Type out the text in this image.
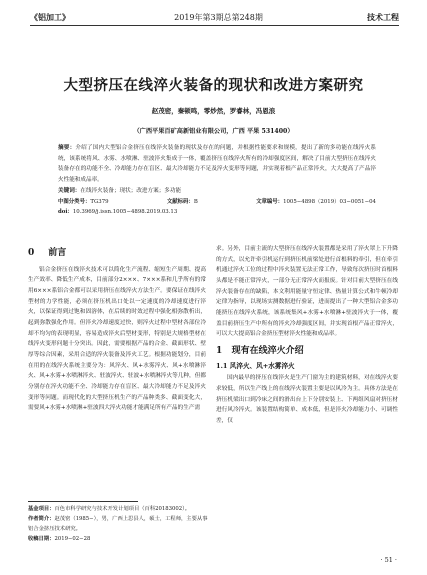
《铝加工》	2019年第3期总第248期	技术工程
大型挤压在线淬火装备的现状和改进方案研究
赵茂密，秦顿鸣，零炒然，罗睿林，冯恩浪
（广西平果百矿高新铝业有限公司，广西 平果 531400）
摘要：介绍了国内大型铝合金挤压在线淬火装备的现状及存在的问题，并根据性能要求和规模，提出了新的多功能在线淬火系统，该系统将风、水雾、水喷淋、驻波淬火集成于一体，覆盖挤压在线淬火所有的冷却强度区间，解决了目前大型挤压在线淬火装备存在的功能不全、冷却能力存在盲区、最大冷却能力不足及淬火变形等问题，并实现着根产品正常淬火，大大提高了产品淬火性能和成品率。
关键词：在线淬火装备；现状；改进方案；多功能
中图分类号：TG379	文献标码：B	文章编号：1005−4898（2019）03−0051−04
doi：10.3969/j.issn.1005−4898.2019.03.13
0 前言

铝合金挤压在线淬火技术可以简化生产流程、缩短生产周期、提高生产效率、降低生产成本，目前部分2×××、7×××系和几乎所有的常用6×××系铝合金都可以采用挤压在线淬火方法生产。要保证在线淬火型材的力学性能，必须在挤压机出口处以一定速度的冷却速度进行淬火，以保证得到过饱和固溶体，在后续的时效过程中强化相弥散析出，起到弥散强化作用。但淬火冷却速度过快，则淬火过程中型材各部位冷却不均匀的表现明显，容易造成淬火后型材变形，特别是大规格型材在线淬火变形问题十分突出。因此，需要根据产品的合金、截面形状、壁厚等综合因素，采用合适的淬火装备及淬火工艺。根据功能划分，目前在用的在线淬火系统主要分为：风淬火、风+水雾淬火、风+水喷淋淬火、风+水雾+水喷淋淬火、驻波淬火、驻波+水喷淋淬火等几种，但都分别存在淬火功能不全、冷却能力存在盲区、最大冷却能力不足及淬火变形等问题。而现代化的大型挤压机生产的产品种类多、截面变化大，需要风+水雾+水喷淋+驻波四大淬火功能才能满足所有产品的生产需

求。另外，目前主流的大型挤压在线淬火装置都是采用了淬火罩上下升降的方式，以允许牵引机运行到挤压机前梁处进行首根料的牵引，但在牵引机通过淬火工位的过程中淬火装置无法正常工作，导致每次挤压时首根料头都是不能正常淬火，一部分无正常淬火而报废。针对目前大型挤压在线淬火装备存在的缺陷，本文利用能量守恒定律、热量计算公式和牛顿冷却定律为指导，以现场实测数据进行验证，进而提出了一种大型铝合金多功能挤压在线淬火系统，该系统集风+水雾+水喷淋+驻波淬火于一体，覆盖目前挤压生产中所有的淬火冷却强度区间，并实现首根产品正常淬火，可以大大提高铝合金挤压型材淬火性能和成品率。

1 现有在线淬火介绍
1.1 风淬火、风+水雾淬火

国内最早的挤压在线淬火是生产门窗为主的建筑材料，对在线淬火要求较低，所以生产线上的在线淬火装置主要是以风冷为主。具体方法是在挤压机梁出口到冷床之间的滑出台上下分别安装上、下两组风扇对挤压材进行风冷淬火。该装置结构简单、成本低，但是淬火冷却能力小、可调性差，仅

基金项目：百色市科学研究与技术开发计划项目（百科20183002）。
作者简介：赵茂密（1985−），男，广西上思县人，硕士，工程师，主要从事铝合金挤压技术研究。
收稿日期：2019−02−28
· 51 ·
